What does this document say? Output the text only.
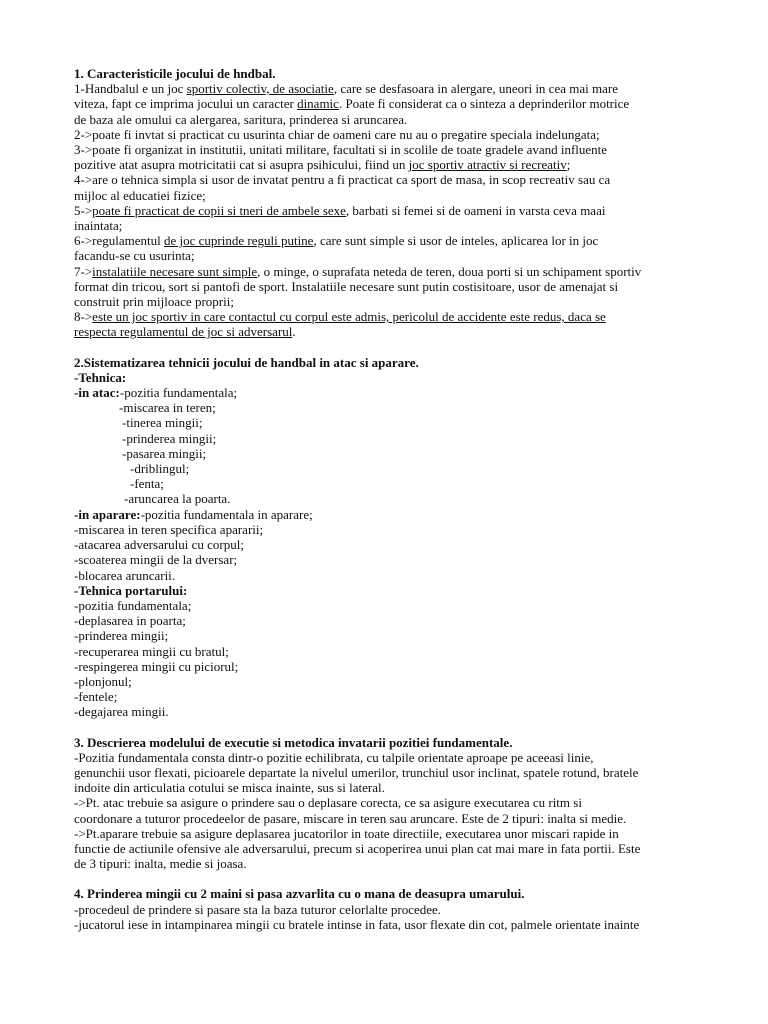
1. Caracteristicile jocului de hndbal.
1-Handbalul e un joc sportiv colectiv, de asociatie, care se desfasoara in alergare, uneori in cea mai mare
viteza, fapt ce imprima jocului un caracter dinamic. Poate fi considerat ca o sinteza a deprinderilor motrice
de baza ale omului ca alergarea, saritura, prinderea si aruncarea.
2->poate fi invtat si practicat cu usurinta chiar de oameni care nu au o pregatire speciala indelungata;
3->poate fi organizat in institutii, unitati militare, facultati si in scolile de toate gradele avand influente
pozitive atat asupra motricitatii cat si asupra psihicului, fiind un joc sportiv atractiv si recreativ;
4->are o tehnica simpla si usor de invatat pentru a fi practicat ca sport de masa, in scop recreativ sau ca
mijloc al educatiei fizice;
5->poate fi practicat de copii si tneri de ambele sexe, barbati si femei si de oameni in varsta ceva maai
inaintata;
6->regulamentul de joc cuprinde reguli putine, care sunt simple si usor de inteles, aplicarea lor in joc
facandu-se cu usurinta;
7->instalatiile necesare sunt simple, o minge, o suprafata neteda de teren, doua porti si un schipament sportiv
format din tricou, sort si pantofi de sport. Instalatiile necesare sunt putin costisitoare, usor de amenajat si
construit prin mijloace proprii;
8->este un joc sportiv in care contactul cu corpul este admis, pericolul de accidente este redus, daca se
respecta regulamentul de joc si adversarul.
2.Sistematizarea tehnicii jocului de handbal in atac si aparare.
-Tehnica:
-in atac:-pozitia fundamentala;
-miscarea in teren;
-tinerea mingii;
-prinderea mingii;
-pasarea mingii;
-driblingul;
-fenta;
-aruncarea la poarta.
-in aparare:-pozitia fundamentala in aparare;
-miscarea in teren specifica apararii;
-atacarea adversarului cu corpul;
-scoaterea mingii de la dversar;
-blocarea aruncarii.
-Tehnica portarului:
-pozitia fundamentala;
-deplasarea in poarta;
-prinderea mingii;
-recuperarea mingii cu bratul;
-respingerea mingii cu piciorul;
-plonjonul;
-fentele;
-degajarea mingii.
3. Descrierea modelului de executie si metodica invatarii pozitiei fundamentale.
-Pozitia fundamentala consta dintr-o pozitie echilibrata, cu talpile orientate aproape pe aceeasi linie,
genunchii usor flexati, picioarele departate la nivelul umerilor, trunchiul usor inclinat, spatele rotund, bratele
indoite din articulatia cotului se misca inainte, sus si lateral.
->Pt. atac trebuie sa asigure o prindere sau o deplasare corecta, ce sa asigure executarea cu ritm si
coordonare a tuturor procedeelor de pasare, miscare in teren sau aruncare. Este de 2 tipuri: inalta si medie.
->Pt.aparare trebuie sa asigure deplasarea jucatorilor in toate directiile, executarea unor miscari rapide in
functie de actiunile ofensive ale adversarului, precum si acoperirea unui plan cat mai mare in fata portii. Este
de 3 tipuri: inalta, medie si joasa.
4. Prinderea mingii cu 2 maini si pasa azvarlita cu o mana de deasupra umarului.
-procedeul de prindere si pasare sta la baza tuturor celorlalte procedee.
-jucatorul iese in intampinarea mingii cu bratele intinse in fata, usor flexate din cot, palmele orientate inainte
